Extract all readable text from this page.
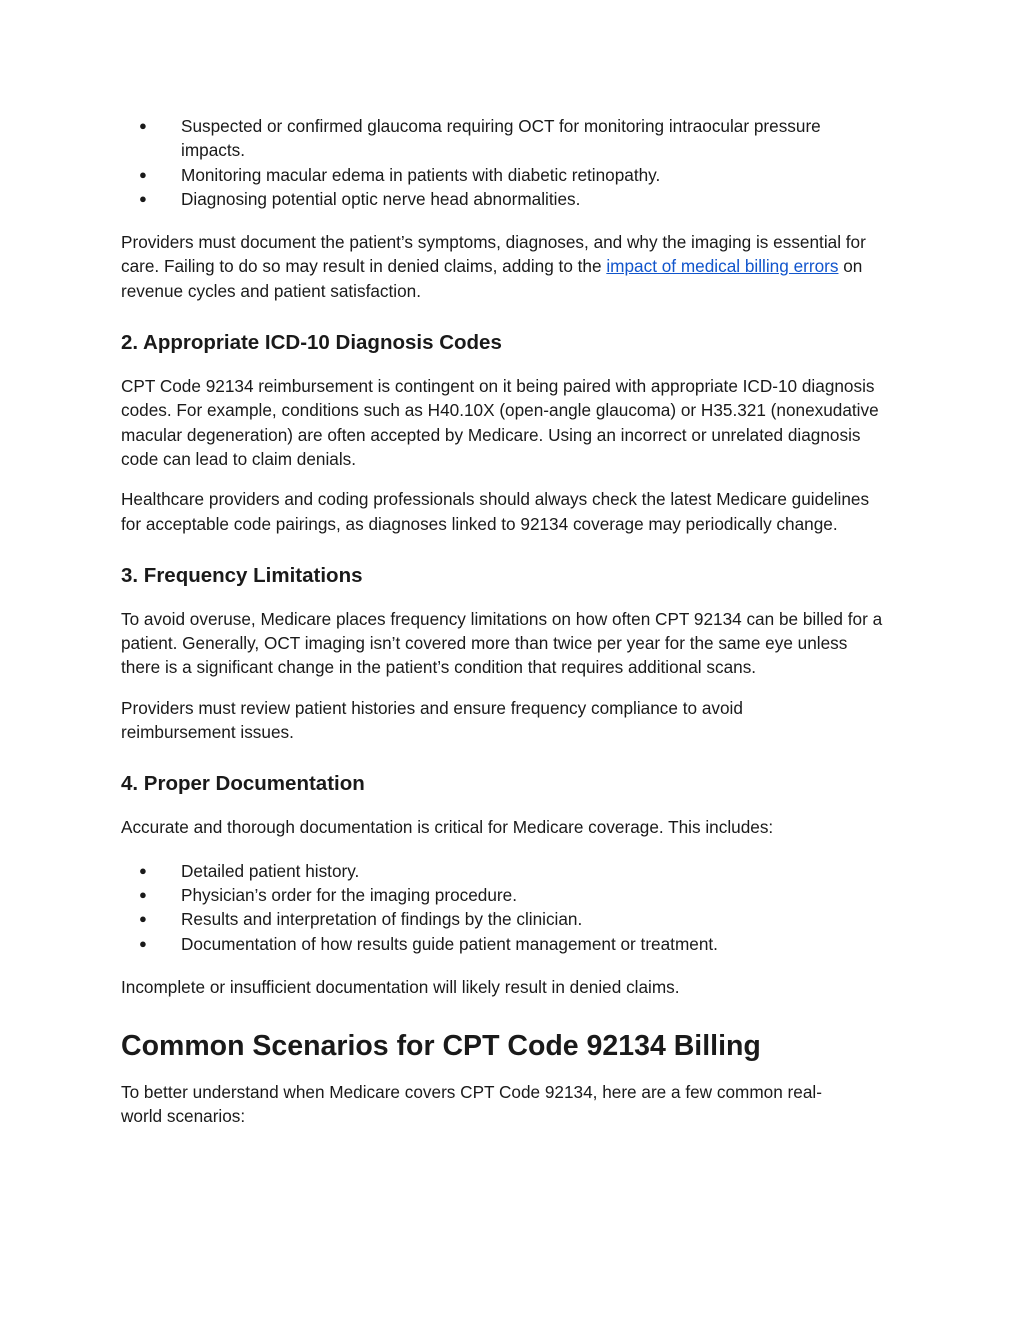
● Suspected or confirmed glaucoma requiring OCT for monitoring intraocular pressure impacts.
● Monitoring macular edema in patients with diabetic retinopathy.
● Diagnosing potential optic nerve head abnormalities.

Providers must document the patient’s symptoms, diagnoses, and why the imaging is essential for care. Failing to do so may result in denied claims, adding to the impact of medical billing errors on revenue cycles and patient satisfaction.

2. Appropriate ICD-10 Diagnosis Codes

CPT Code 92134 reimbursement is contingent on it being paired with appropriate ICD-10 diagnosis codes. For example, conditions such as H40.10X (open-angle glaucoma) or H35.321 (nonexudative macular degeneration) are often accepted by Medicare. Using an incorrect or unrelated diagnosis code can lead to claim denials.

Healthcare providers and coding professionals should always check the latest Medicare guidelines for acceptable code pairings, as diagnoses linked to 92134 coverage may periodically change.

3. Frequency Limitations

To avoid overuse, Medicare places frequency limitations on how often CPT 92134 can be billed for a patient. Generally, OCT imaging isn’t covered more than twice per year for the same eye unless there is a significant change in the patient’s condition that requires additional scans.

Providers must review patient histories and ensure frequency compliance to avoid reimbursement issues.

4. Proper Documentation

Accurate and thorough documentation is critical for Medicare coverage. This includes:

● Detailed patient history.
● Physician’s order for the imaging procedure.
● Results and interpretation of findings by the clinician.
● Documentation of how results guide patient management or treatment.

Incomplete or insufficient documentation will likely result in denied claims.

Common Scenarios for CPT Code 92134 Billing

To better understand when Medicare covers CPT Code 92134, here are a few common real-world scenarios:
